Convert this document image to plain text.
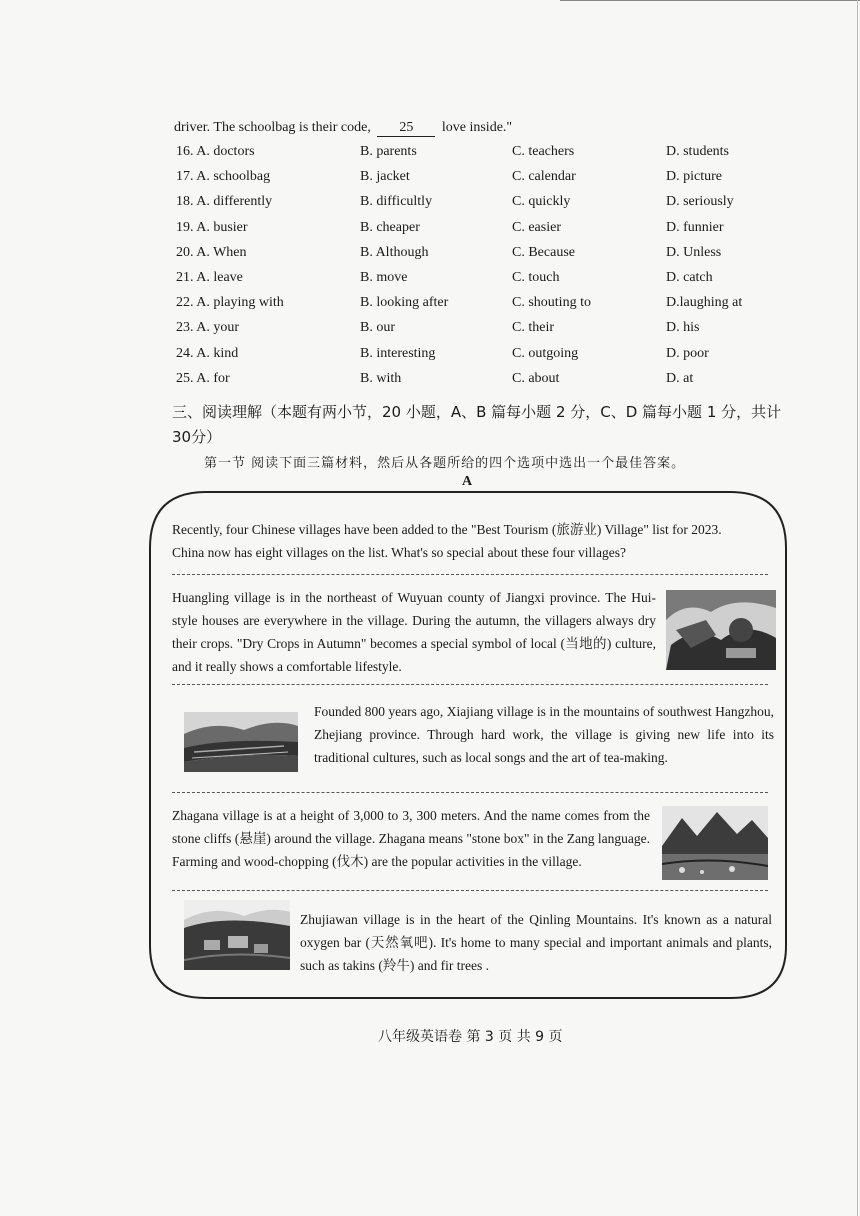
driver. The schoolbag is their code, 25 love inside."
16. A. doctors	B. parents	C. teachers	D. students
17. A. schoolbag	B. jacket	C. calendar	D. picture
18. A. differently	B. difficultly	C. quickly	D. seriously
19. A. busier	B. cheaper	C. easier	D. funnier
20. A. When	B. Although	C. Because	D. Unless
21. A. leave	B. move	C. touch	D. catch
22. A. playing with	B. looking after	C. shouting to	D.laughing at
23. A. your	B. our	C. their	D. his
24. A. kind	B. interesting	C. outgoing	D. poor
25. A. for	B. with	C. about	D. at
三、阅读理解（本题有两小节，20 小题，A、B 篇每小题 2 分，C、D 篇每小题 1 分，共计 30分）
第一节 阅读下面三篇材料，然后从各题所给的四个选项中选出一个最佳答案。
A
Recently, four Chinese villages have been added to the "Best Tourism (旅游业) Village" list for 2023. China now has eight villages on the list. What's so special about these four villages?
Huangling village is in the northeast of Wuyuan county of Jiangxi province. The Hui-style houses are everywhere in the village. During the autumn, the villagers always dry their crops. "Dry Crops in Autumn" becomes a special symbol of local (当地的) culture, and it really shows a comfortable lifestyle.
Founded 800 years ago, Xiajiang village is in the mountains of southwest Hangzhou, Zhejiang province. Through hard work, the village is giving new life into its traditional cultures, such as local songs and the art of tea-making.
Zhagana village is at a height of 3,000 to 3, 300 meters. And the name comes from the stone cliffs (悬崖) around the village. Zhagana means "stone box" in the Zang language. Farming and wood-chopping (伐木) are the popular activities in the village.
Zhujiawan village is in the heart of the Qinling Mountains. It's known as a natural oxygen bar (天然氧吧). It's home to many special and important animals and plants, such as takins (羚牛) and fir trees .
八年级英语卷 第 3 页 共 9 页
